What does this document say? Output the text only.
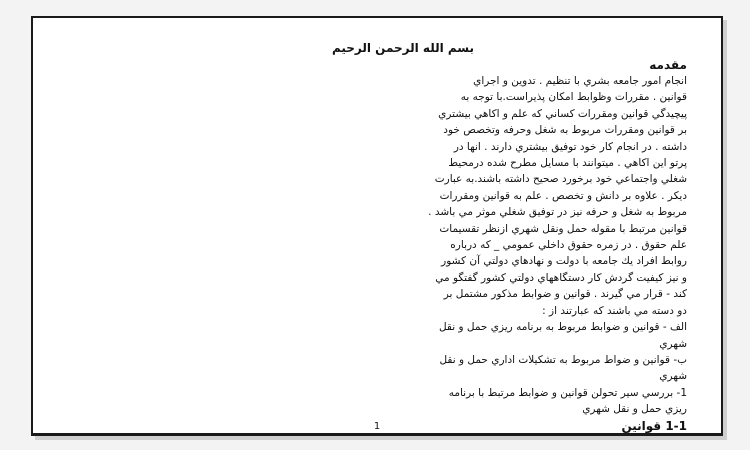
بسم الله الرحمن الرحيم

مقدمه

انجام امور جامعه بشري با تنظيم . تدوين و اجراي
قوانين . مقررات وظوابط امكان پذيراست.با توجه به
پيچيدگي قوانين ومقررات كساني كه علم و اكاهي بيشتري
بر قوانين ومقررات مربوط به شغل وحرفه وتخصص خود
داشته . در انجام كار خود توفيق بيشتري دارند . انها در
پرتو اين اكاهي . ميتوانند با مسايل مطرح شده درمحيط
شغلي واجتماعي خود برخورد صحيح داشته باشند.به عبارت
ديكر . علاوه بر دانش و تخصص . علم به قوانين ومقررات
مربوط به شغل و حرفه نيز در توفيق شغلي موثر مي باشد .
قوانين مرتبط با مقوله حمل ونقل شهري ازنظر تقسيمات
علم حقوق . در زمره حقوق داخلي عمومي _ كه درباره
روابط افراد يك جامعه با دولت و نهادهاي دولتي آن كشور
و نيز كيفيت گردش كار دستگاههاي دولتي كشور گفتگو مي
كند - قرار مي گيرند . قوانين و ضوابط مذكور مشتمل بر
دو دسته مي باشند كه عبارتند از :
الف - قوانين و ضوابط مربوط به برنامه ريزي حمل و نقل
شهري
ب- قوانين و ضواط مربوط به تشكيلات اداري حمل و نقل
شهري
1- بررسي سير تحولن قوانين و ضوابط مرتبط با برنامه
ريزي حمل و نقل شهري

1-1 قوانين

1
